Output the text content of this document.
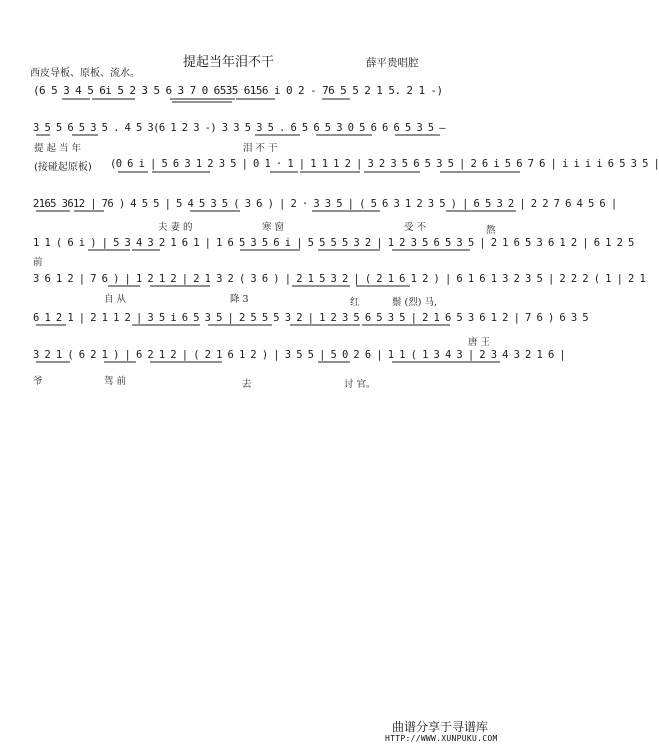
提起当年泪不干	薛平贵唱腔
西皮导板、原板、流水。
(6 5 3 4 5 6i 5 2 3 5 6 3 7 0 6535 6156 i 0 2 - 76 5 5 2 1 5. 2 1 -)
3 5 5 6 5 3 5 . 4 5 3(6 1 2 3 -) 3 3 5 3 5 . 6 5 6 5 3 0 5 6 6 6 5 3 5 —
提 起 当 年	泪 不 干
(接碰起原板) (0 6 i | 5 6 3 1 2 3 5 | 0 1 · 1 | 1 1 1 2 | 3 2 3 5 6 5 3 5 | 2 6 i 5 6 7 6 | i i i i 6 5 3 5 |
2165 3612 | 76 ) 4 5 5 | 5 4 5 3 5 ( 3 6 ) | 2 · 3 3 5 | ( 5 6 3 1 2 3 5 ) | 6 5 3 2 | 2 2 7 6 4 5 6 |
夫 妻 的	寒 窗	受 不	熬
1 1 ( 6 i ) | 5 3 4 3 2 1 6 1 | 1 6 5 3 5 6 i | 5 5 5 5 3 2 | 1 2 3 5 6 5 3 5 | 2 1 6 5 3 6 1 2 | 6 1 2 5
前
3 6 1 2 | 7 6 ) | 1 2 1 2 | 2 1 3 2 ( 3 6 ) | 2 1 5 3 2 | ( 2 1 6 1 2 ) | 6 1 6 1 3 2 3 5 | 2 2 2 ( 1 | 2 1
自 从	降 3	红	鬃 (烈) 马,
6 1 2 1 | 2 1 1 2 | 3 5 i 6 5 3 5 | 2 5 5 5 3 2 | 1 2 3 5 6 5 3 5 | 2 1 6 5 3 6 1 2 | 7 6 ) 6 3 5
唐 王
3 2 1 ( 6 2 1 ) | 6 2 1 2 | ( 2 1 6 1 2 ) | 3 5 5 | 5 0 2 6 | 1 1 ( 1 3 4 3 | 2 3 4 3 2 1 6 |
爷	驾 前	去	讨 官。
曲谱分享于寻谱库
HTTP://WWW.XUNPUKU.COM
